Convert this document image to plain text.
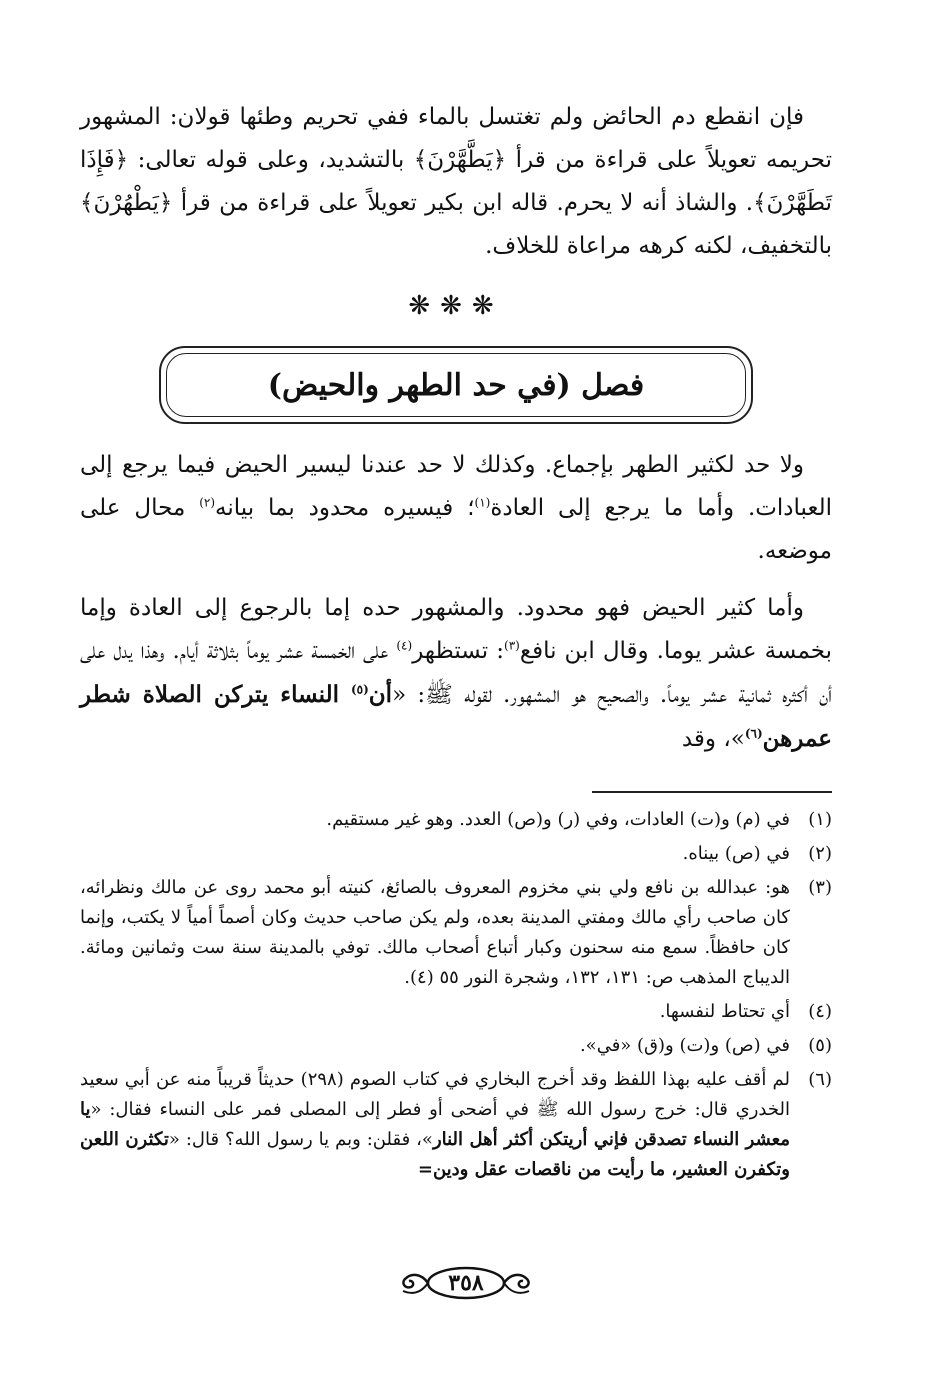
فإن انقطع دم الحائض ولم تغتسل بالماء ففي تحريم وطئها قولان: المشهور تحريمه تعويلاً على قراءة من قرأ ﴿يَطَّهَّرْنَ﴾ بالتشديد، وعلى قوله تعالى: ﴿فَإِذَا تَطَهَّرْنَ﴾. والشاذ أنه لا يحرم. قاله ابن بكير تعويلاً على قراءة من قرأ ﴿يَطْهُرْنَ﴾ بالتخفيف، لكنه كرهه مراعاة للخلاف.

❋❋❋
فصل (في حد الطهر والحيض)

ولا حد لكثير الطهر بإجماع. وكذلك لا حد عندنا ليسير الحيض فيما يرجع إلى العبادات. وأما ما يرجع إلى العادة$^{(١)}$؛ فيسيره محدود بما بيانه$^{(٢)}$ محال على موضعه.

وأما كثير الحيض فهو محدود. والمشهور حده إما بالرجوع إلى العادة وإما بخمسة عشر يوما. وقال ابن نافع$^{(٣)}$: تستظهر$^{(٤)}$ على الخمسة عشر يوماً بثلاثة أيام. وهذا يدل على أن أكثره ثمانية عشر يوماً. والصحيح هو المشهور. لقوله ﷺ: «أن$^{(٥)}$ النساء يتركن الصلاة شطر عمرهن$^{(٦)}$»، وقد

(١)
في (م) و(ت) العادات، وفي (ر) و(ص) العدد. وهو غير مستقيم.
(٢)
في (ص) بيناه.
(٣)
هو: عبدالله بن نافع ولي بني مخزوم المعروف بالصائغ، كنيته أبو محمد روى عن مالك ونظرائه، كان صاحب رأي مالك ومفتي المدينة بعده، ولم يكن صاحب حديث وكان أصماً أمياً لا يكتب، وإنما كان حافظاً. سمع منه سحنون وكبار أتباع أصحاب مالك. توفي بالمدينة سنة ست وثمانين ومائة. الديباج المذهب ص: ١٣١، ١٣٢، وشجرة النور ٥٥ (٤).
(٤)
أي تحتاط لنفسها.
(٥)
في (ص) و(ت) و(ق) «في».
(٦)
لم أقف عليه بهذا اللفظ وقد أخرج البخاري في كتاب الصوم (٢٩٨) حديثاً قريباً منه عن أبي سعيد الخدري قال: خرج رسول الله ﷺ في أضحى أو فطر إلى المصلى فمر على النساء فقال: «يا معشر النساء تصدقن فإني أريتكن أكثر أهل النار»، فقلن: وبم يا رسول الله؟ قال: «تكثرن اللعن وتكفرن العشير، ما رأيت من ناقصات عقل ودين=
٣٥٨
